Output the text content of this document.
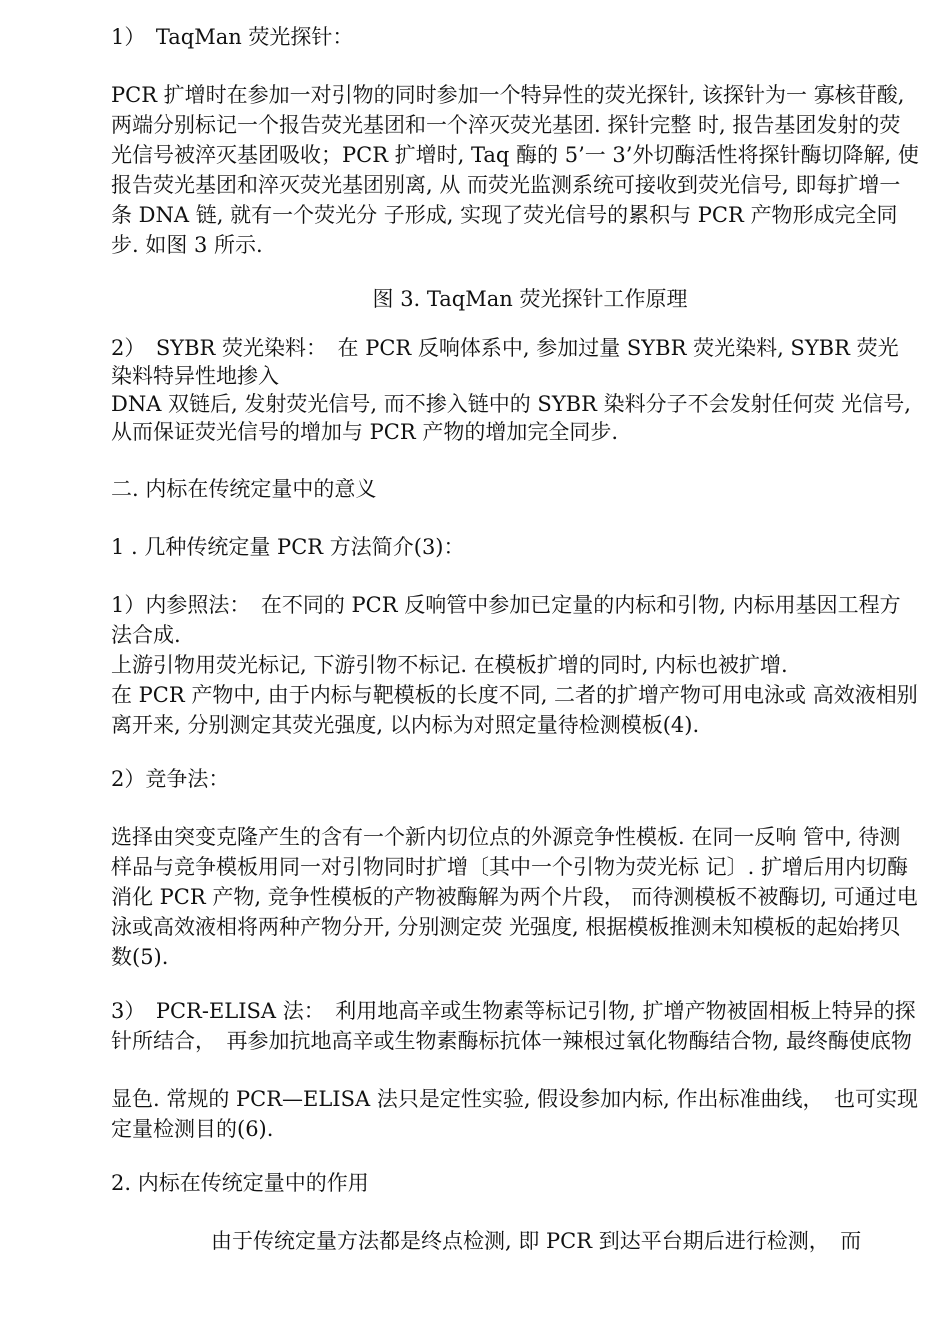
1）　TaqMan 荧光探针：

PCR 扩增时在参加一对引物的同时参加一个特异性的荧光探针, 该探针为一 寡核苷酸, 两端分别标记一个报告荧光基团和一个淬灭荧光基团. 探针完整 时, 报告基团发射的荧光信号被淬灭基团吸收；PCR 扩增时, Taq 酶的 5’一 3’外切酶活性将探针酶切降解, 使报告荧光基团和淬灭荧光基团别离, 从 而荧光监测系统可接收到荧光信号, 即每扩增一条 DNA 链, 就有一个荧光分 子形成, 实现了荧光信号的累积与 PCR 产物形成完全同步. 如图 3 所示.

图 3. TaqMan 荧光探针工作原理

2）　SYBR 荧光染料：　在 PCR 反响体系中, 参加过量 SYBR 荧光染料, SYBR 荧光染料特异性地掺入

DNA 双链后, 发射荧光信号, 而不掺入链中的 SYBR 染料分子不会发射任何荧 光信号, 从而保证荧光信号的增加与 PCR 产物的增加完全同步.

二. 内标在传统定量中的意义

1 . 几种传统定量 PCR 方法简介(3)：

1）内参照法：　在不同的 PCR 反响管中参加已定量的内标和引物, 内标用基因工程方法合成.

上游引物用荧光标记, 下游引物不标记. 在模板扩增的同时, 内标也被扩增.

在 PCR 产物中, 由于内标与靶模板的长度不同, 二者的扩增产物可用电泳或 高效液相别离开来, 分别测定其荧光强度, 以内标为对照定量待检测模板(4).

2）竞争法：

选择由突变克隆产生的含有一个新内切位点的外源竞争性模板. 在同一反响 管中, 待测样品与竞争模板用同一对引物同时扩增〔其中一个引物为荧光标 记〕. 扩增后用内切酶消化 PCR 产物, 竞争性模板的产物被酶解为两个片段， 而待测模板不被酶切, 可通过电泳或高效液相将两种产物分开, 分别测定荧 光强度, 根据模板推测未知模板的起始拷贝数(5).

3）　PCR-ELISA 法：　利用地高辛或生物素等标记引物, 扩增产物被固相板上特异的探针所结合，　再参加抗地高辛或生物素酶标抗体一辣根过氧化物酶结合物, 最终酶使底物

显色. 常规的 PCR—ELISA 法只是定性实验, 假设参加内标, 作出标准曲线，　也可实现定量检测目的(6).

2. 内标在传统定量中的作用

由于传统定量方法都是终点检测, 即 PCR 到达平台期后进行检测，　而
